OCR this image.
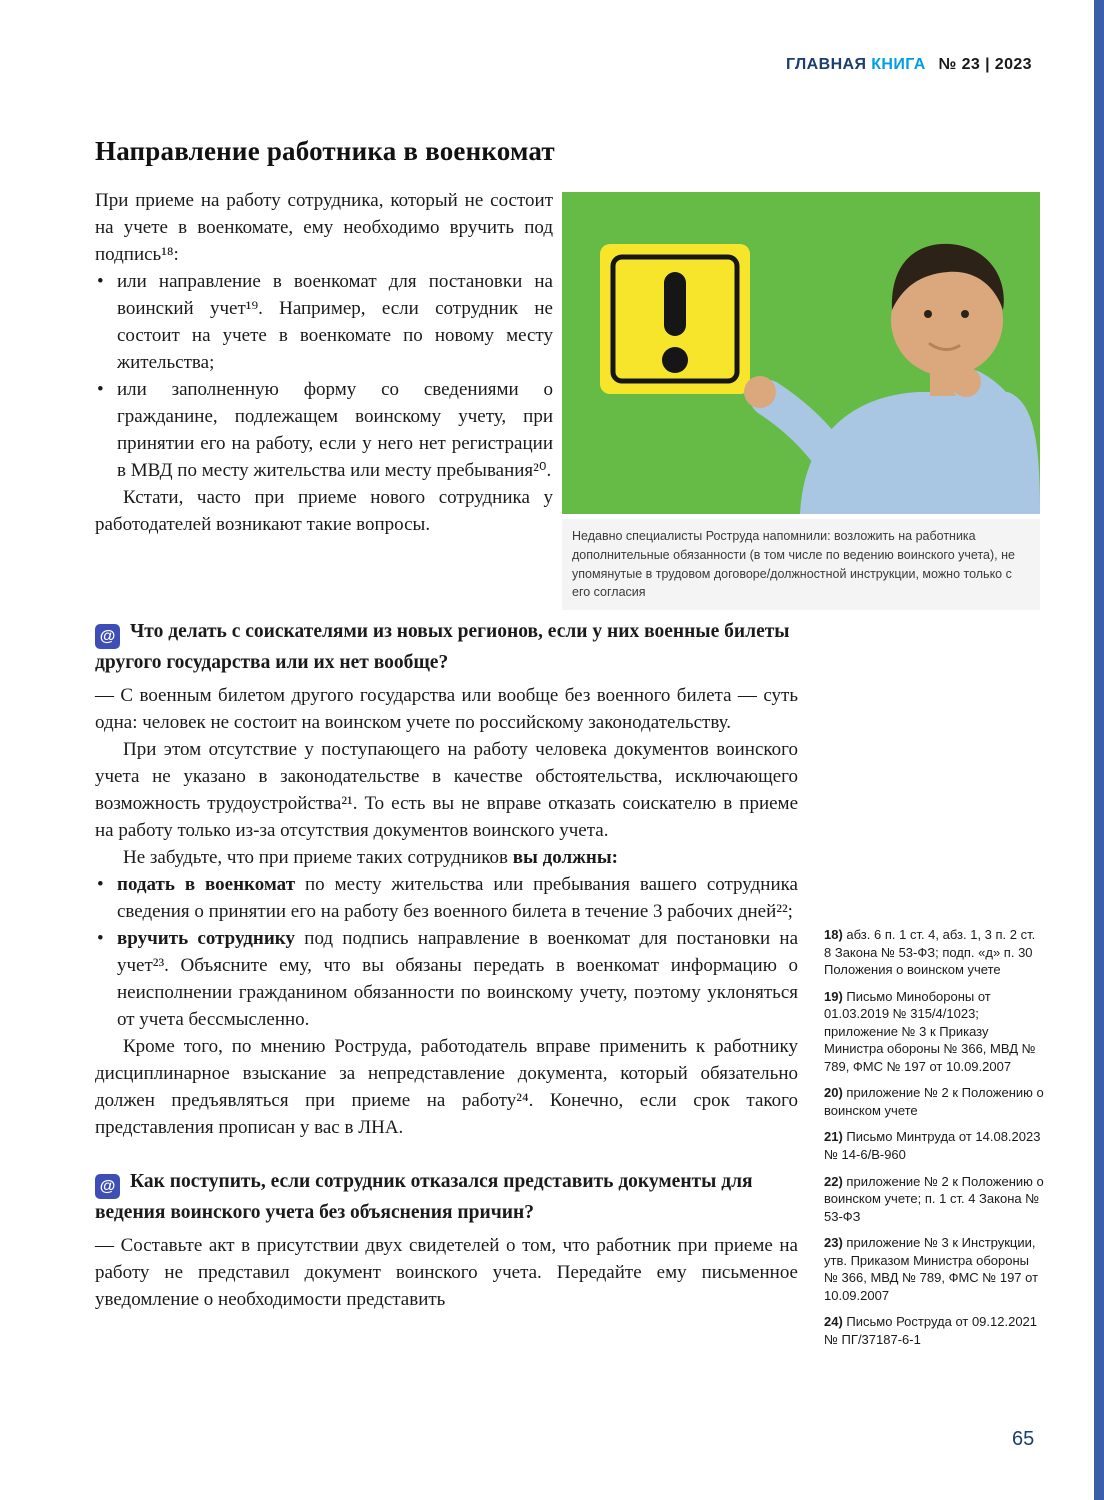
ГЛАВНАЯ КНИГА № 23 | 2023
Направление работника в военкомат

При приеме на работу сотрудника, который не состоит на учете в военкомате, ему необходимо вручить под подпись¹⁸:

• или направление в военкомат для постановки на воинский учет¹⁹. Например, если сотрудник не состоит на учете в военкомате по новому месту жительства;
• или заполненную форму со сведениями о гражданине, подлежащем воинскому учету, при принятии его на работу, если у него нет регистрации в МВД по месту жительства или месту пребывания²⁰.

Кстати, часто при приеме нового сотрудника у работодателей возникают такие вопросы.

Недавно специалисты Роструда напомнили: возложить на работника дополнительные обязанности (в том числе по ведению воинского учета), не упомянутые в трудовом договоре/должностной инструкции, можно только с его согласия
@ Что делать с соискателями из новых регионов, если у них военные билеты другого государства или их нет вообще?

— С военным билетом другого государства или вообще без военного билета — суть одна: человек не состоит на воинском учете по российскому законодательству.

При этом отсутствие у поступающего на работу человека документов воинского учета не указано в законодательстве в качестве обстоятельства, исключающего возможность трудоустройства²¹. То есть вы не вправе отказать соискателю в приеме на работу только из-за отсутствия документов воинского учета.

Не забудьте, что при приеме таких сотрудников вы должны:

• подать в военкомат по месту жительства или пребывания вашего сотрудника сведения о принятии его на работу без военного билета в течение 3 рабочих дней²²;
• вручить сотруднику под подпись направление в военкомат для постановки на учет²³. Объясните ему, что вы обязаны передать в военкомат информацию о неисполнении гражданином обязанности по воинскому учету, поэтому уклоняться от учета бессмысленно.

Кроме того, по мнению Роструда, работодатель вправе применить к работнику дисциплинарное взыскание за непредставление документа, который обязательно должен предъявляться при приеме на работу²⁴. Конечно, если срок такого представления прописан у вас в ЛНА.

@ Как поступить, если сотрудник отказался представить документы для ведения воинского учета без объяснения причин?

— Составьте акт в присутствии двух свидетелей о том, что работник при приеме на работу не представил документ воинского учета. Передайте ему письменное уведомление о необходимости представить

18) абз. 6 п. 1 ст. 4, абз. 1, 3 п. 2 ст. 8 Закона № 53-ФЗ; подп. «д» п. 30 Положения о воинском учете
19) Письмо Минобороны от 01.03.2019 № 315/4/1023; приложение № 3 к Приказу Министра обороны № 366, МВД № 789, ФМС № 197 от 10.09.2007
20) приложение № 2 к Положению о воинском учете
21) Письмо Минтруда от 14.08.2023 № 14-6/В-960
22) приложение № 2 к Положению о воинском учете; п. 1 ст. 4 Закона № 53-ФЗ
23) приложение № 3 к Инструкции, утв. Приказом Министра обороны № 366, МВД № 789, ФМС № 197 от 10.09.2007
24) Письмо Роструда от 09.12.2021 № ПГ/37187-6-1
65
